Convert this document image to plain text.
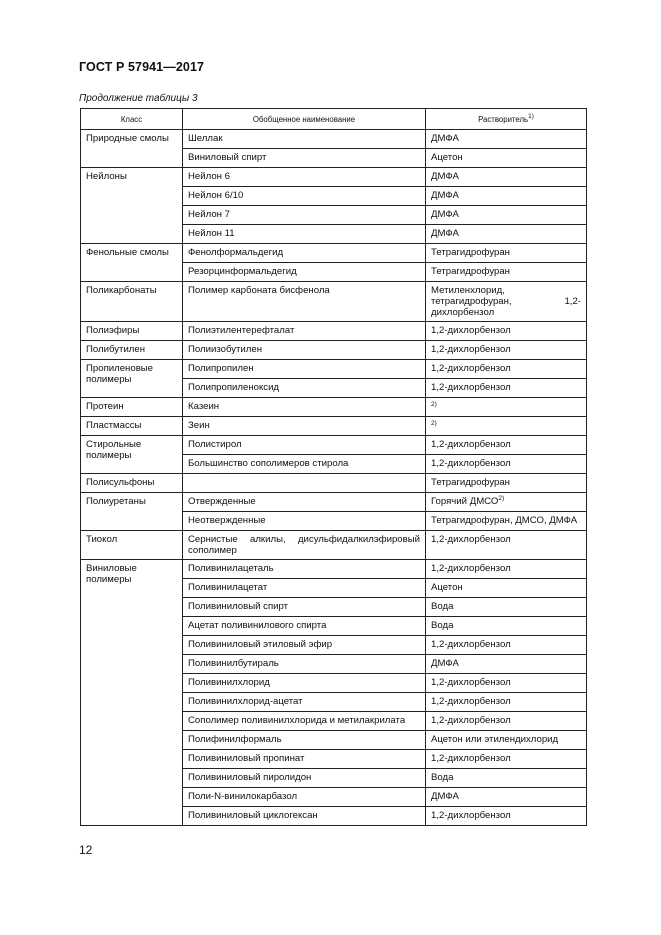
ГОСТ Р 57941—2017
Продолжение таблицы 3
Класс	Обобщенное наименование	Растворитель$^{1)}$
Природные смолы	Шеллак	ДМФА
	Виниловый спирт	Ацетон
Нейлоны	Нейлон 6	ДМФА
	Нейлон 6/10	ДМФА
	Нейлон 7	ДМФА
	Нейлон 11	ДМФА
Фенольные смолы	Фенолформальдегид	Тетрагидрофуран
	Резорцинформальдегид	Тетрагидрофуран
Поликарбонаты	Полимер карбоната бисфенола	Метиленхлорид, тетрагидрофуран, 1,2-дихлорбензол
Полиэфиры	Полиэтилентерефталат	1,2-дихлорбензол
Полибутилен	Полиизобутилен	1,2-дихлорбензол
Пропиленовые полимеры	Полипропилен	1,2-дихлорбензол
	Полипропиленоксид	1,2-дихлорбензол
Протеин	Казеин	$^{2)}$
Пластмассы	Зеин	$^{2)}$
Стирольные полимеры	Полистирол	1,2-дихлорбензол
	Большинство сополимеров стирола	1,2-дихлорбензол
Полисульфоны		Тетрагидрофуран
Полиуретаны	Отвержденные	Горячий ДМСО$^{2)}$
	Неотвержденные	Тетрагидрофуран, ДМСО, ДМФА
Тиокол	Сернистые алкилы, дисульфидалкилэфировый сополимер	1,2-дихлорбензол
Виниловые полимеры	Поливинилацеталь	1,2-дихлорбензол
	Поливинилацетат	Ацетон
	Поливиниловый спирт	Вода
	Ацетат поливинилового спирта	Вода
	Поливиниловый этиловый эфир	1,2-дихлорбензол
	Поливинилбутираль	ДМФА
	Поливинилхлорид	1,2-дихлорбензол
	Поливинилхлорид-ацетат	1,2-дихлорбензол
	Сополимер поливинилхлорида и метилакрилата	1,2-дихлорбензол
	Полифинилформаль	Ацетон или этилендихлорид
	Поливиниловый пропинат	1,2-дихлорбензол
	Поливиниловый пиролидон	Вода
	Поли-N-винилокарбазол	ДМФА
	Поливиниловый циклогексан	1,2-дихлорбензол
12
